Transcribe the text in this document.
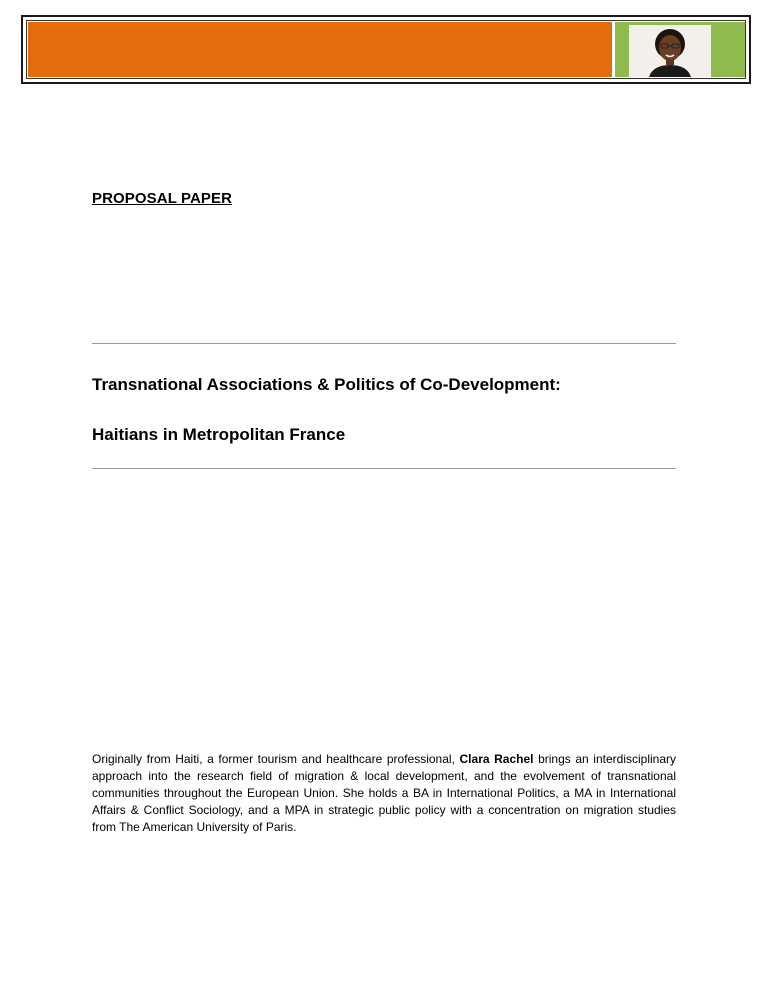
PROPOSAL PAPER
Transnational Associations & Politics of Co-Development:
Haitians in Metropolitan France
Originally from Haiti, a former tourism and healthcare professional, Clara Rachel brings an interdisciplinary approach into the research field of migration & local development, and the evolvement of transnational communities throughout the European Union. She holds a BA in International Politics, a MA in International Affairs & Conflict Sociology, and a MPA in strategic public policy with a concentration on migration studies from The American University of Paris.
